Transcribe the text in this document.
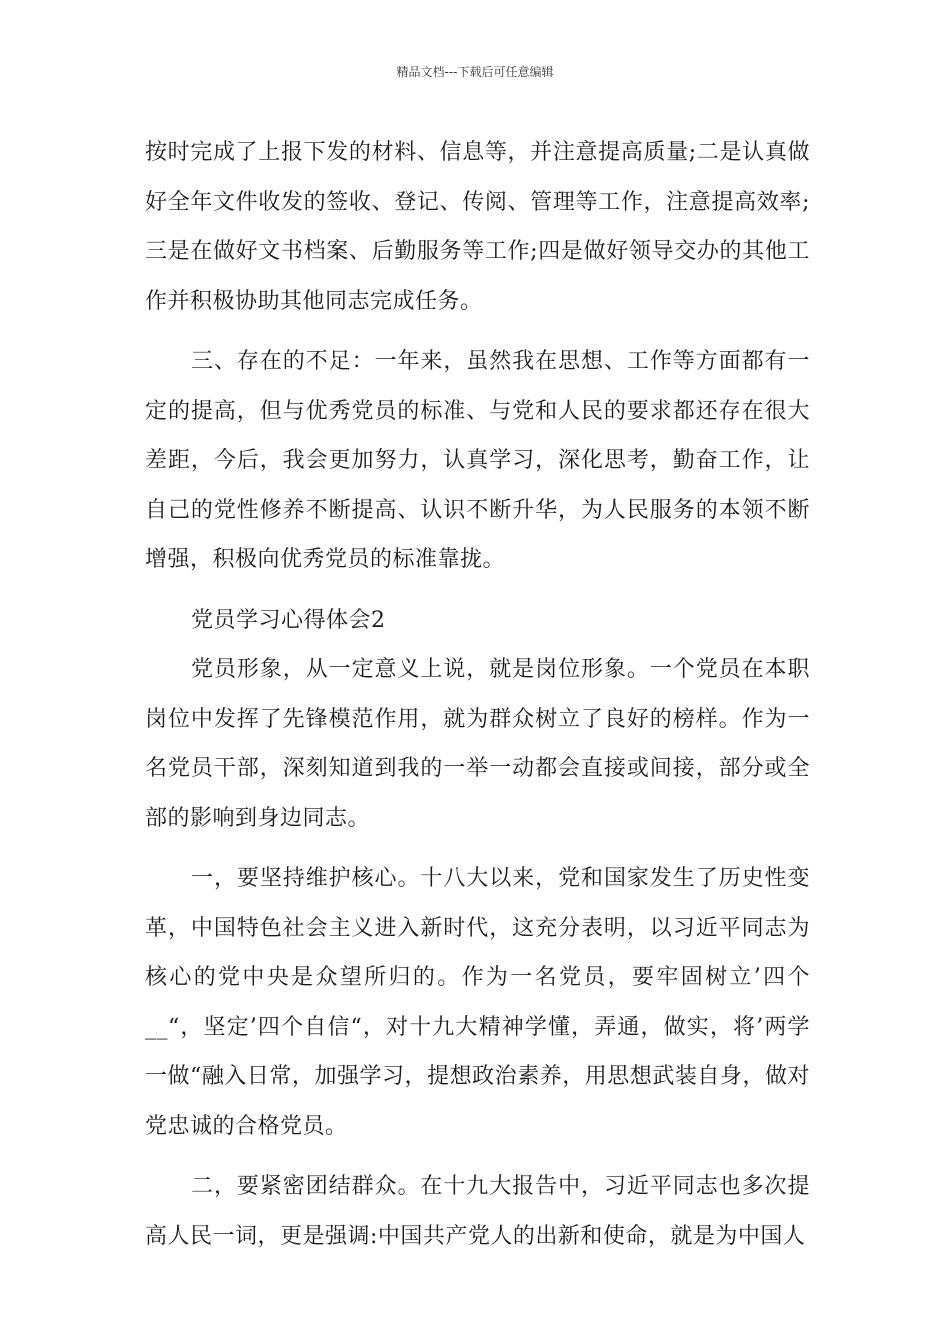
精品文档---下载后可任意编辑

按时完成了上报下发的材料、信息等，并注意提高质量;二是认真做好全年文件收发的签收、登记、传阅、管理等工作，注意提高效率;三是在做好文书档案、后勤服务等工作;四是做好领导交办的其他工作并积极协助其他同志完成任务。

三、存在的不足：一年来，虽然我在思想、工作等方面都有一定的提高，但与优秀党员的标准、与党和人民的要求都还存在很大差距，今后，我会更加努力，认真学习，深化思考，勤奋工作，让自己的党性修养不断提高、认识不断升华，为人民服务的本领不断增强，积极向优秀党员的标准靠拢。

党员学习心得体会2

党员形象，从一定意义上说，就是岗位形象。一个党员在本职岗位中发挥了先锋模范作用，就为群众树立了良好的榜样。作为一名党员干部，深刻知道到我的一举一动都会直接或间接，部分或全部的影响到身边同志。

一，要坚持维护核心。十八大以来，党和国家发生了历史性变革，中国特色社会主义进入新时代，这充分表明，以习近平同志为核心的党中央是众望所归的。作为一名党员，要牢固树立’四个__“，坚定’四个自信“，对十九大精神学懂，弄通，做实，将’两学一做“融入日常，加强学习，提想政治素养，用思想武装自身，做对党忠诚的合格党员。

二，要紧密团结群众。在十九大报告中，习近平同志也多次提高人民一词，更是强调:中国共产党人的出新和使命，就是为中国人
